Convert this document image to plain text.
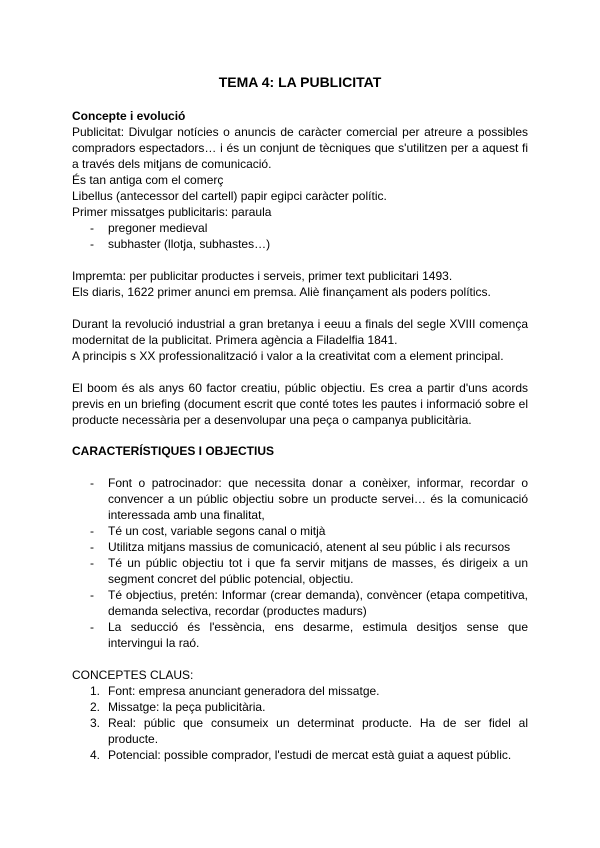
TEMA 4: LA PUBLICITAT

Concepte i evolució

Publicitat: Divulgar notícies o anuncis de caràcter comercial per atreure a possibles compradors espectadors… i és un conjunt de tècniques que s'utilitzen per a aquest fi a través dels mitjans de comunicació.

És tan antiga com el comerç

Libellus (antecessor del cartell) papir egipci caràcter polític.

Primer missatges publicitaris: paraula

- pregoner medieval
- subhaster (llotja, subhastes…)

Impremta: per publicitar productes i serveis, primer text publicitari 1493.

Els diaris, 1622 primer anunci em premsa. Aliè finançament als poders polítics.

Durant la revolució industrial a gran bretanya i eeuu a finals del segle XVIII comença modernitat de la publicitat. Primera agència a Filadelfia 1841.

A principis s XX professionalització i valor a la creativitat com a element principal.

El boom és als anys 60 factor creatiu, públic objectiu. Es crea a partir d'uns acords previs en un briefing (document escrit que conté totes les pautes i informació sobre el producte necessària per a desenvolupar una peça o campanya publicitària.

CARACTERÍSTIQUES I OBJECTIUS

- Font o patrocinador: que necessita donar a conèixer, informar, recordar o convencer a un públic objectiu sobre un producte servei… és la comunicació interessada amb una finalitat,
- Té un cost, variable segons canal o mitjà
- Utilitza mitjans massius de comunicació, atenent al seu públic i als recursos
- Té un públic objectiu tot i que fa servir mitjans de masses, és dirigeix a un segment concret del públic potencial, objectiu.
- Té objectius, pretén: Informar (crear demanda), convèncer (etapa competitiva, demanda selectiva, recordar (productes madurs)
- La seducció és l'essència, ens desarme, estimula desitjos sense que intervingui la raó.

CONCEPTES CLAUS:

1. Font: empresa anunciant generadora del missatge.
2. Missatge: la peça publicitària.
3. Real: públic que consumeix un determinat producte. Ha de ser fidel al producte.
4. Potencial: possible comprador, l'estudi de mercat està guiat a aquest públic.
